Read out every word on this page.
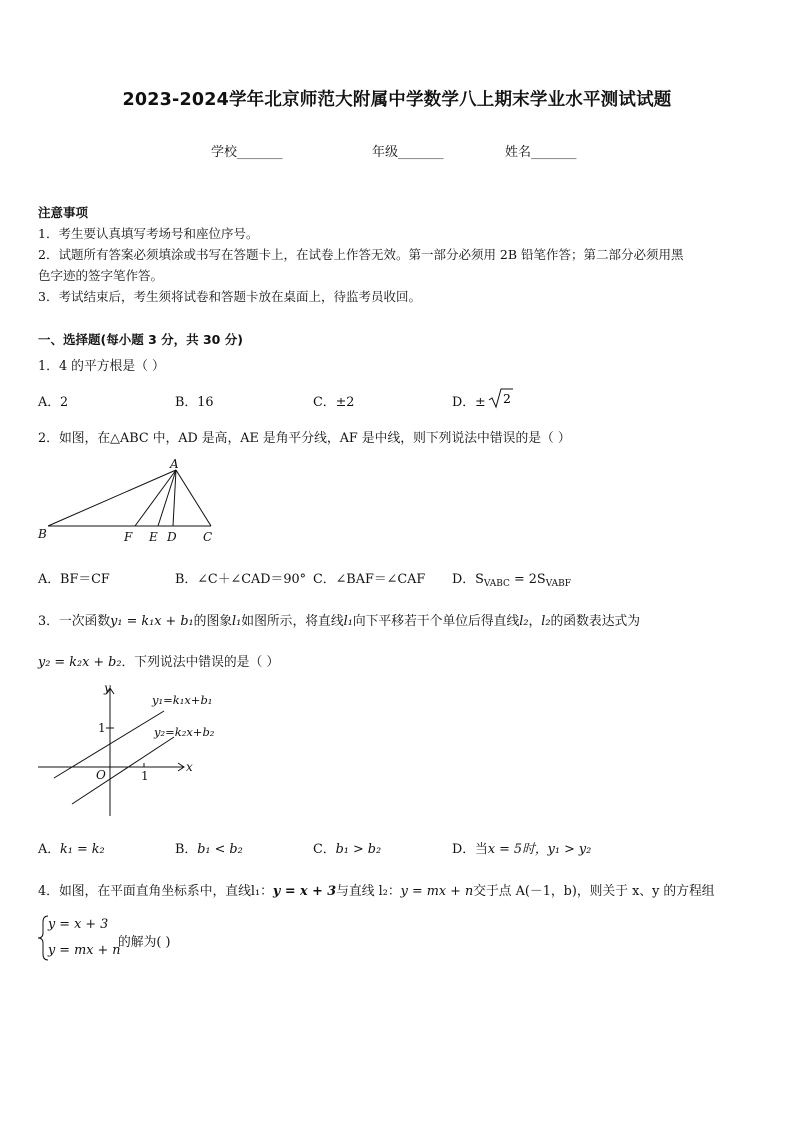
2023-2024学年北京师范大附属中学数学八上期末学业水平测试试题
学校_______	年级_______	姓名_______
注意事项
1．考生要认真填写考场号和座位序号。
2．试题所有答案必须填涂或书写在答题卡上，在试卷上作答无效。第一部分必须用 2B 铅笔作答；第二部分必须用黑
色字迹的签字笔作答。
3．考试结束后，考生须将试卷和答题卡放在桌面上，待监考员收回。
一、选择题(每小题 3 分，共 30 分)
1．4 的平方根是（ ）
A．2	B．16	C．±2	D．± 2
2．如图，在△ABC 中，AD 是高，AE 是角平分线，AF 是中线，则下列说法中错误的是（ ）
A
B	F E D C
A．BF＝CF	B．∠C＋∠CAD＝90° C．∠BAF＝∠CAF D．$S_{VABC} = 2S_{VABF}$
3．一次函数y₁ = k₁x + b₁的图象l₁如图所示，将直线l₁向下平移若干个单位后得直线l₂，l₂的函数表达式为
y₂ = k₂x + b₂．下列说法中错误的是（ ）
y
x
O
1
1
y₁=k₁x+b₁
y₂=k₂x+b₂
A．k₁ = k₂	B．b₁ < b₂	C．b₁ > b₂	D．当x = 5时，y₁ > y₂
4．如图，在平面直角坐标系中，直线l₁：y = x + 3与直线 l₂：y = mx + n交于点 A(－1，b)，则关于 x、y 的方程组
y = x + 3
y = mx + n
的解为( )
